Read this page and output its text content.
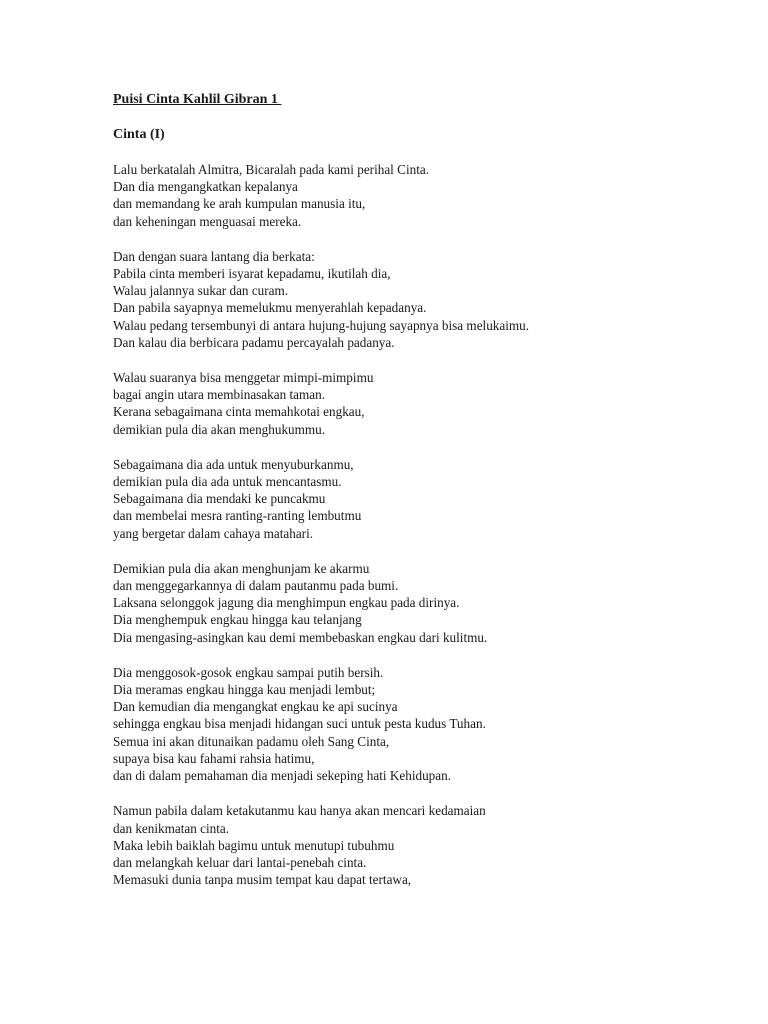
Puisi Cinta Kahlil Gibran 1
Cinta (I)
Lalu berkatalah Almitra, Bicaralah pada kami perihal Cinta.
Dan dia mengangkatkan kepalanya
dan memandang ke arah kumpulan manusia itu,
dan keheningan menguasai mereka.
Dan dengan suara lantang dia berkata:
Pabila cinta memberi isyarat kepadamu, ikutilah dia,
Walau jalannya sukar dan curam.
Dan pabila sayapnya memelukmu menyerahlah kepadanya.
Walau pedang tersembunyi di antara hujung-hujung sayapnya bisa melukaimu.
Dan kalau dia berbicara padamu percayalah padanya.
Walau suaranya bisa menggetar mimpi-mimpimu
bagai angin utara membinasakan taman.
Kerana sebagaimana cinta memahkotai engkau,
demikian pula dia akan menghukummu.
Sebagaimana dia ada untuk menyuburkanmu,
demikian pula dia ada untuk mencantasmu.
Sebagaimana dia mendaki ke puncakmu
dan membelai mesra ranting-ranting lembutmu
yang bergetar dalam cahaya matahari.
Demikian pula dia akan menghunjam ke akarmu
dan menggegarkannya di dalam pautanmu pada bumi.
Laksana selonggok jagung dia menghimpun engkau pada dirinya.
Dia menghempuk engkau hingga kau telanjang
Dia mengasing-asingkan kau demi membebaskan engkau dari kulitmu.
Dia menggosok-gosok engkau sampai putih bersih.
Dia meramas engkau hingga kau menjadi lembut;
Dan kemudian dia mengangkat engkau ke api sucinya
sehingga engkau bisa menjadi hidangan suci untuk pesta kudus Tuhan.
Semua ini akan ditunaikan padamu oleh Sang Cinta,
supaya bisa kau fahami rahsia hatimu,
dan di dalam pemahaman dia menjadi sekeping hati Kehidupan.
Namun pabila dalam ketakutanmu kau hanya akan mencari kedamaian
dan kenikmatan cinta.
Maka lebih baiklah bagimu untuk menutupi tubuhmu
dan melangkah keluar dari lantai-penebah cinta.
Memasuki dunia tanpa musim tempat kau dapat tertawa,
